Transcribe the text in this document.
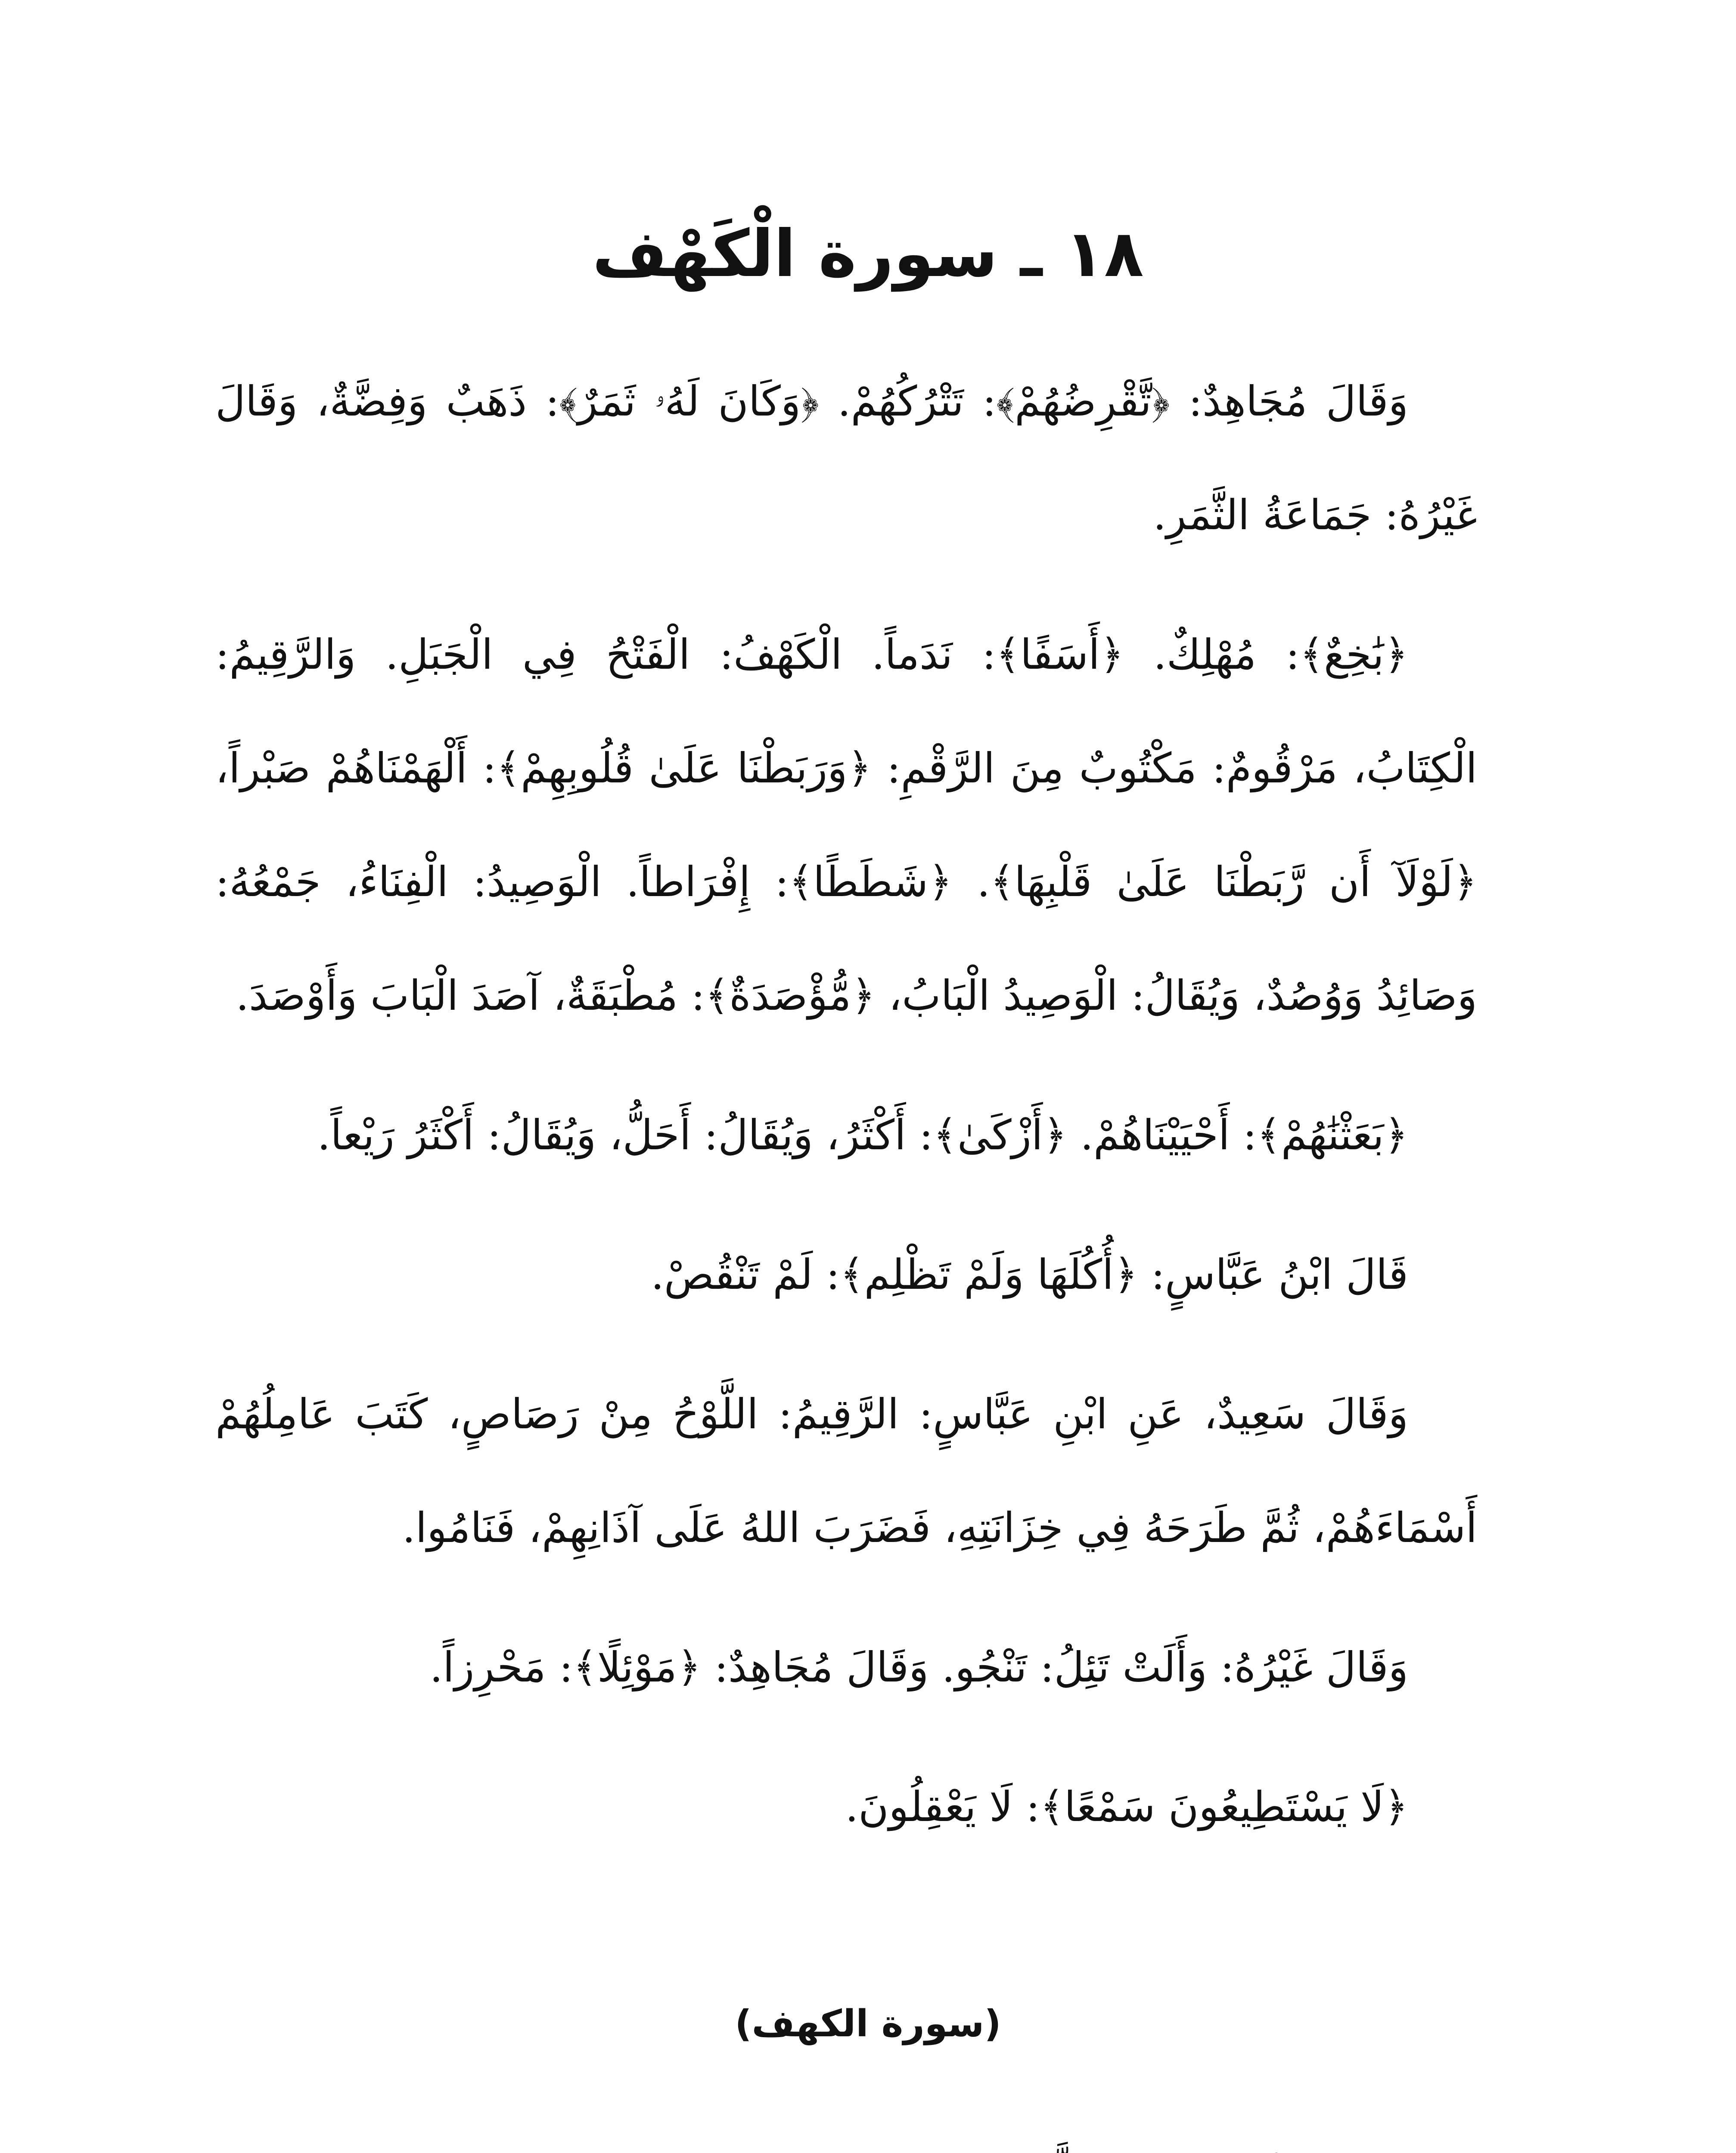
١٨ ـ سورة الْكَهْف

وَقَالَ مُجَاهِدٌ: ﴿تَّقْرِضُهُمْ﴾: تَتْرُكُهُمْ. ﴿وَكَانَ لَهُۥ ثَمَرٌ﴾: ذَهَبٌ وَفِضَّةٌ، وَقَالَ غَيْرُهُ: جَمَاعَةُ الثَّمَرِ.

﴿بَٰخِعٌ﴾: مُهْلِكٌ. ﴿أَسَفًا﴾: نَدَماً. الْكَهْفُ: الْفَتْحُ فِي الْجَبَلِ. وَالرَّقِيمُ: الْكِتَابُ، مَرْقُومٌ: مَكْتُوبٌ مِنَ الرَّقْمِ: ﴿وَرَبَطْنَا عَلَىٰ قُلُوبِهِمْ﴾: أَلْهَمْنَاهُمْ صَبْراً، ﴿لَوْلَآ أَن رَّبَطْنَا عَلَىٰ قَلْبِهَا﴾. ﴿شَطَطًا﴾: إِفْرَاطاً. الْوَصِيدُ: الْفِنَاءُ، جَمْعُهُ: وَصَائِدُ وَوُصُدٌ، وَيُقَالُ: الْوَصِيدُ الْبَابُ، ﴿مُّؤْصَدَةٌ﴾: مُطْبَقَةٌ، آصَدَ الْبَابَ وَأَوْصَدَ.

﴿بَعَثْنَٰهُمْ﴾: أَحْيَيْنَاهُمْ. ﴿أَزْكَىٰ﴾: أَكْثَرُ، وَيُقَالُ: أَحَلُّ، وَيُقَالُ: أَكْثَرُ رَيْعاً.

قَالَ ابْنُ عَبَّاسٍ: ﴿أُكُلَهَا وَلَمْ تَظْلِم﴾: لَمْ تَنْقُصْ.

وَقَالَ سَعِيدٌ، عَنِ ابْنِ عَبَّاسٍ: الرَّقِيمُ: اللَّوْحُ مِنْ رَصَاصٍ، كَتَبَ عَامِلُهُمْ أَسْمَاءَهُمْ، ثُمَّ طَرَحَهُ فِي خِزَانَتِهِ، فَضَرَبَ اللهُ عَلَى آذَانِهِمْ، فَنَامُوا.

وَقَالَ غَيْرُهُ: وَأَلَتْ تَئِلُ: تَنْجُو. وَقَالَ مُجَاهِدٌ: ﴿مَوْئِلًا﴾: مَحْرِزاً.

﴿لَا يَسْتَطِيعُونَ سَمْعًا﴾: لَا يَعْقِلُونَ.

(سورة الكهف)
